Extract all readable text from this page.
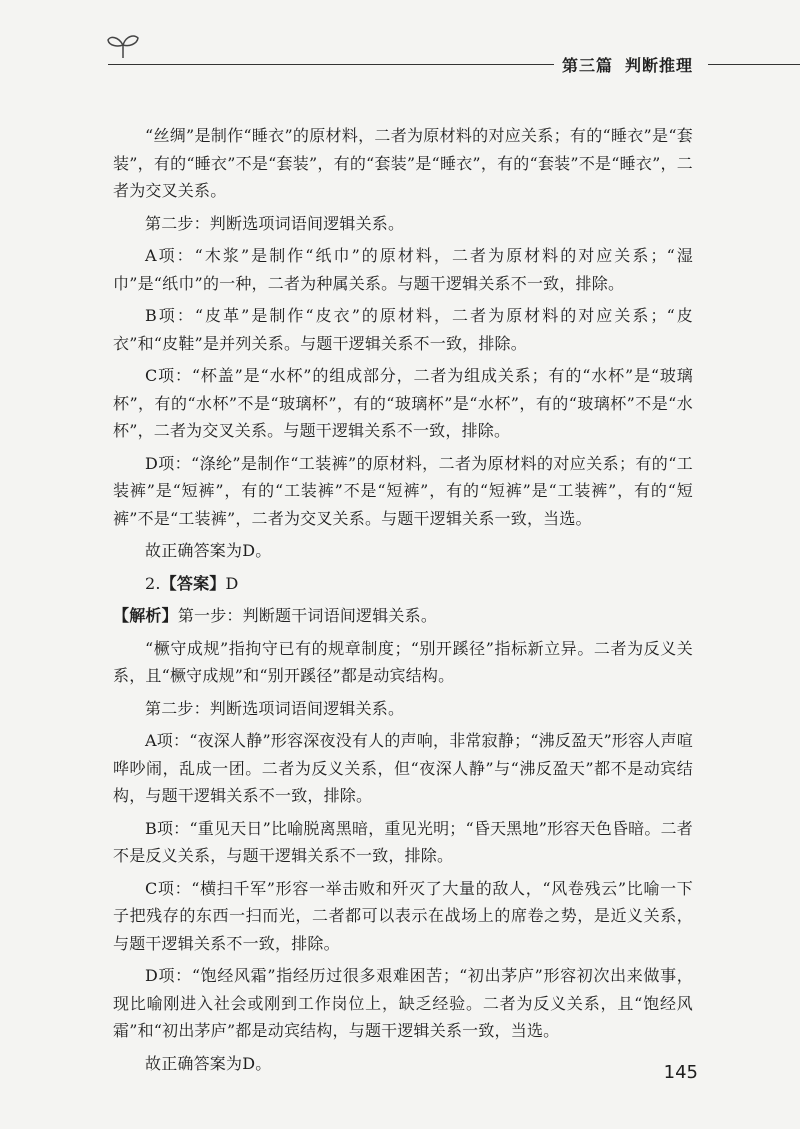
第三篇 判断推理

“丝绸”是制作“睡衣”的原材料，二者为原材料的对应关系；有的“睡衣”是“套装”，有的“睡衣”不是“套装”，有的“套装”是“睡衣”，有的“套装”不是“睡衣”，二者为交叉关系。

第二步：判断选项词语间逻辑关系。

A项：“木浆”是制作“纸巾”的原材料，二者为原材料的对应关系；“湿巾”是“纸巾”的一种，二者为种属关系。与题干逻辑关系不一致，排除。

B项：“皮革”是制作“皮衣”的原材料，二者为原材料的对应关系；“皮衣”和“皮鞋”是并列关系。与题干逻辑关系不一致，排除。

C项：“杯盖”是“水杯”的组成部分，二者为组成关系；有的“水杯”是“玻璃杯”，有的“水杯”不是“玻璃杯”，有的“玻璃杯”是“水杯”，有的“玻璃杯”不是“水杯”，二者为交叉关系。与题干逻辑关系不一致，排除。

D项：“涤纶”是制作“工装裤”的原材料，二者为原材料的对应关系；有的“工装裤”是“短裤”，有的“工装裤”不是“短裤”，有的“短裤”是“工装裤”，有的“短裤”不是“工装裤”，二者为交叉关系。与题干逻辑关系一致，当选。

故正确答案为D。

2.【答案】D

【解析】第一步：判断题干词语间逻辑关系。

“橛守成规”指拘守已有的规章制度；“别开蹊径”指标新立异。二者为反义关系，且“橛守成规”和“别开蹊径”都是动宾结构。

第二步：判断选项词语间逻辑关系。

A项：“夜深人静”形容深夜没有人的声响，非常寂静；“沸反盈天”形容人声喧哗吵闹，乱成一团。二者为反义关系，但“夜深人静”与“沸反盈天”都不是动宾结构，与题干逻辑关系不一致，排除。

B项：“重见天日”比喻脱离黑暗，重见光明；“昏天黑地”形容天色昏暗。二者不是反义关系，与题干逻辑关系不一致，排除。

C项：“横扫千军”形容一举击败和歼灭了大量的敌人，“风卷残云”比喻一下子把残存的东西一扫而光，二者都可以表示在战场上的席卷之势，是近义关系，与题干逻辑关系不一致，排除。

D项：“饱经风霜”指经历过很多艰难困苦；“初出茅庐”形容初次出来做事，现比喻刚进入社会或刚到工作岗位上，缺乏经验。二者为反义关系，且“饱经风霜”和“初出茅庐”都是动宾结构，与题干逻辑关系一致，当选。

故正确答案为D。	145
